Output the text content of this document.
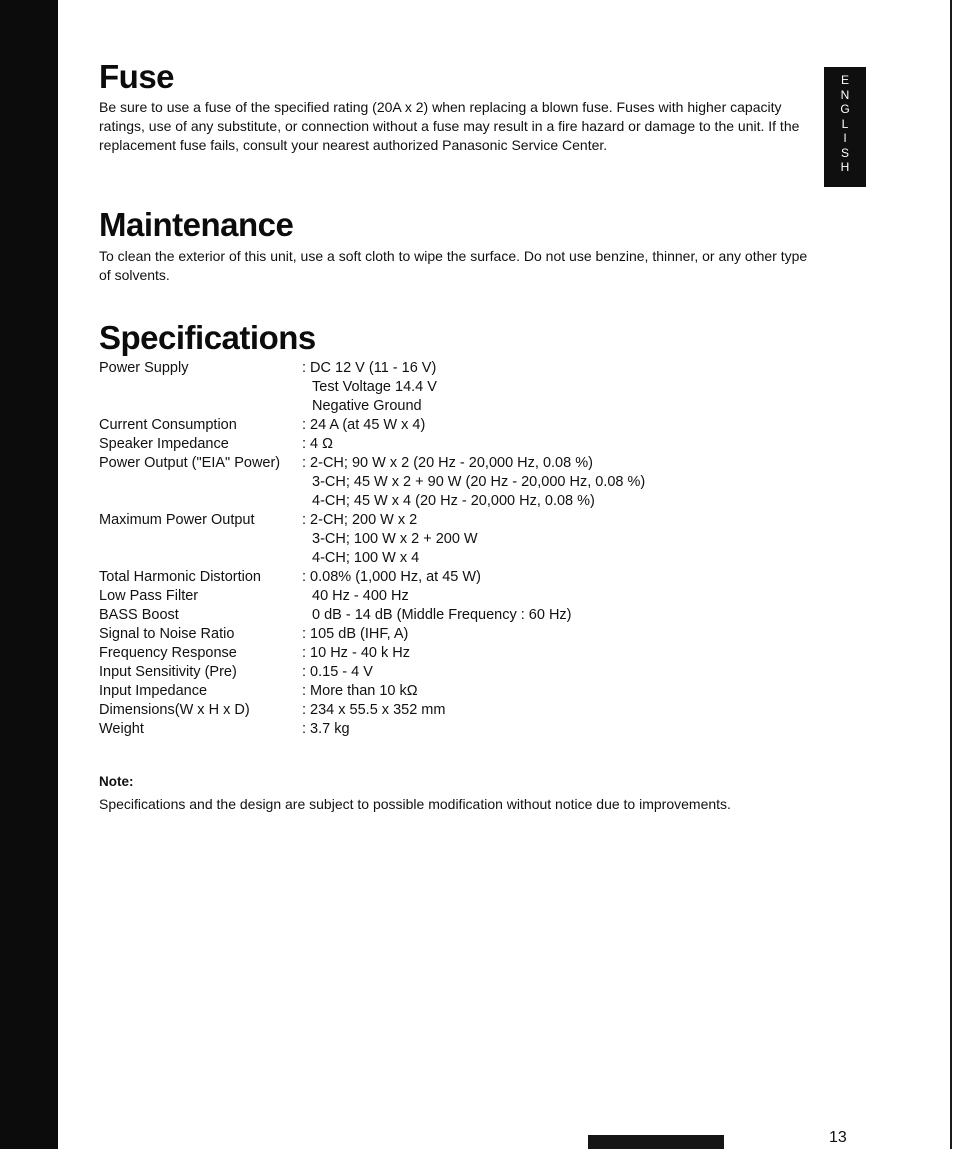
E
N
G
L
I
S
H
Fuse

Be sure to use a fuse of the specified rating (20A x 2) when replacing a blown fuse. Fuses with higher capacity ratings, use of any substitute, or connection without a fuse may result in a fire hazard or damage to the unit. If the replacement fuse fails, consult your nearest authorized Panasonic Service Center.

Maintenance

To clean the exterior of this unit, use a soft cloth to wipe the surface. Do not use benzine, thinner, or any other type of solvents.

Specifications
Power Supply	: DC 12 V (11 - 16 V)
Test Voltage 14.4 V
Negative Ground
Current Consumption	: 24 A (at 45 W x 4)
Speaker Impedance	: 4 Ω
Power Output ("EIA" Power)	: 2-CH; 90 W x 2 (20 Hz - 20,000 Hz, 0.08 %)
3-CH; 45 W x 2 + 90 W (20 Hz - 20,000 Hz, 0.08 %)
4-CH; 45 W x 4 (20 Hz - 20,000 Hz, 0.08 %)
Maximum Power Output	: 2-CH; 200 W x 2
3-CH; 100 W x 2 + 200 W
4-CH; 100 W x 4
Total Harmonic Distortion	: 0.08% (1,000 Hz, at 45 W)
Low Pass Filter	40 Hz - 400 Hz
BASS Boost	0 dB - 14 dB (Middle Frequency : 60 Hz)
Signal to Noise Ratio	: 105 dB (IHF, A)
Frequency Response	: 10 Hz - 40 k Hz
Input Sensitivity (Pre)	: 0.15 - 4 V
Input Impedance	: More than 10 kΩ
Dimensions(W x H x D)	: 234 x 55.5 x 352 mm
Weight	: 3.7 kg

Note:

Specifications and the design are subject to possible modification without notice due to improvements.

13
